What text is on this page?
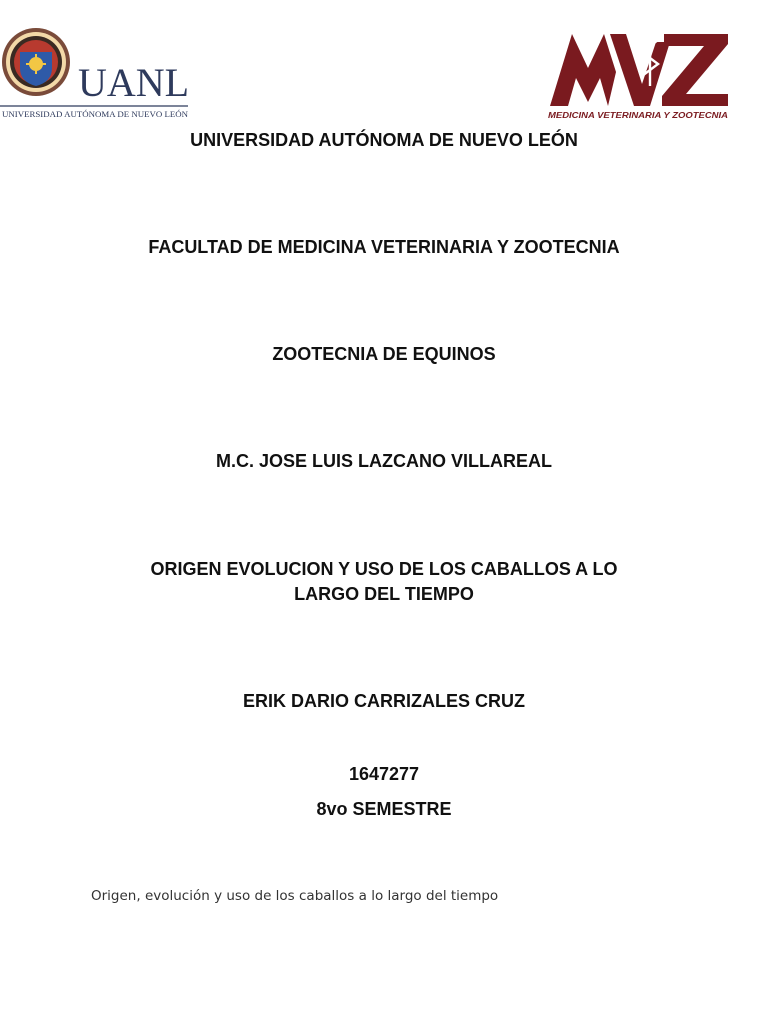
UANL
UNIVERSIDAD AUTÓNOMA DE NUEVO LEÓN	MEDICINA VETERINARIA Y ZOOTECNIA

UNIVERSIDAD AUTÓNOMA DE NUEVO LEÓN

FACULTAD DE MEDICINA VETERINARIA Y ZOOTECNIA

ZOOTECNIA DE EQUINOS

M.C. JOSE LUIS LAZCANO VILLAREAL

ORIGEN EVOLUCION Y USO DE LOS CABALLOS A LO

LARGO DEL TIEMPO

ERIK DARIO CARRIZALES CRUZ

1647277

8vo SEMESTRE

Origen, evolución y uso de los caballos a lo largo del tiempo
